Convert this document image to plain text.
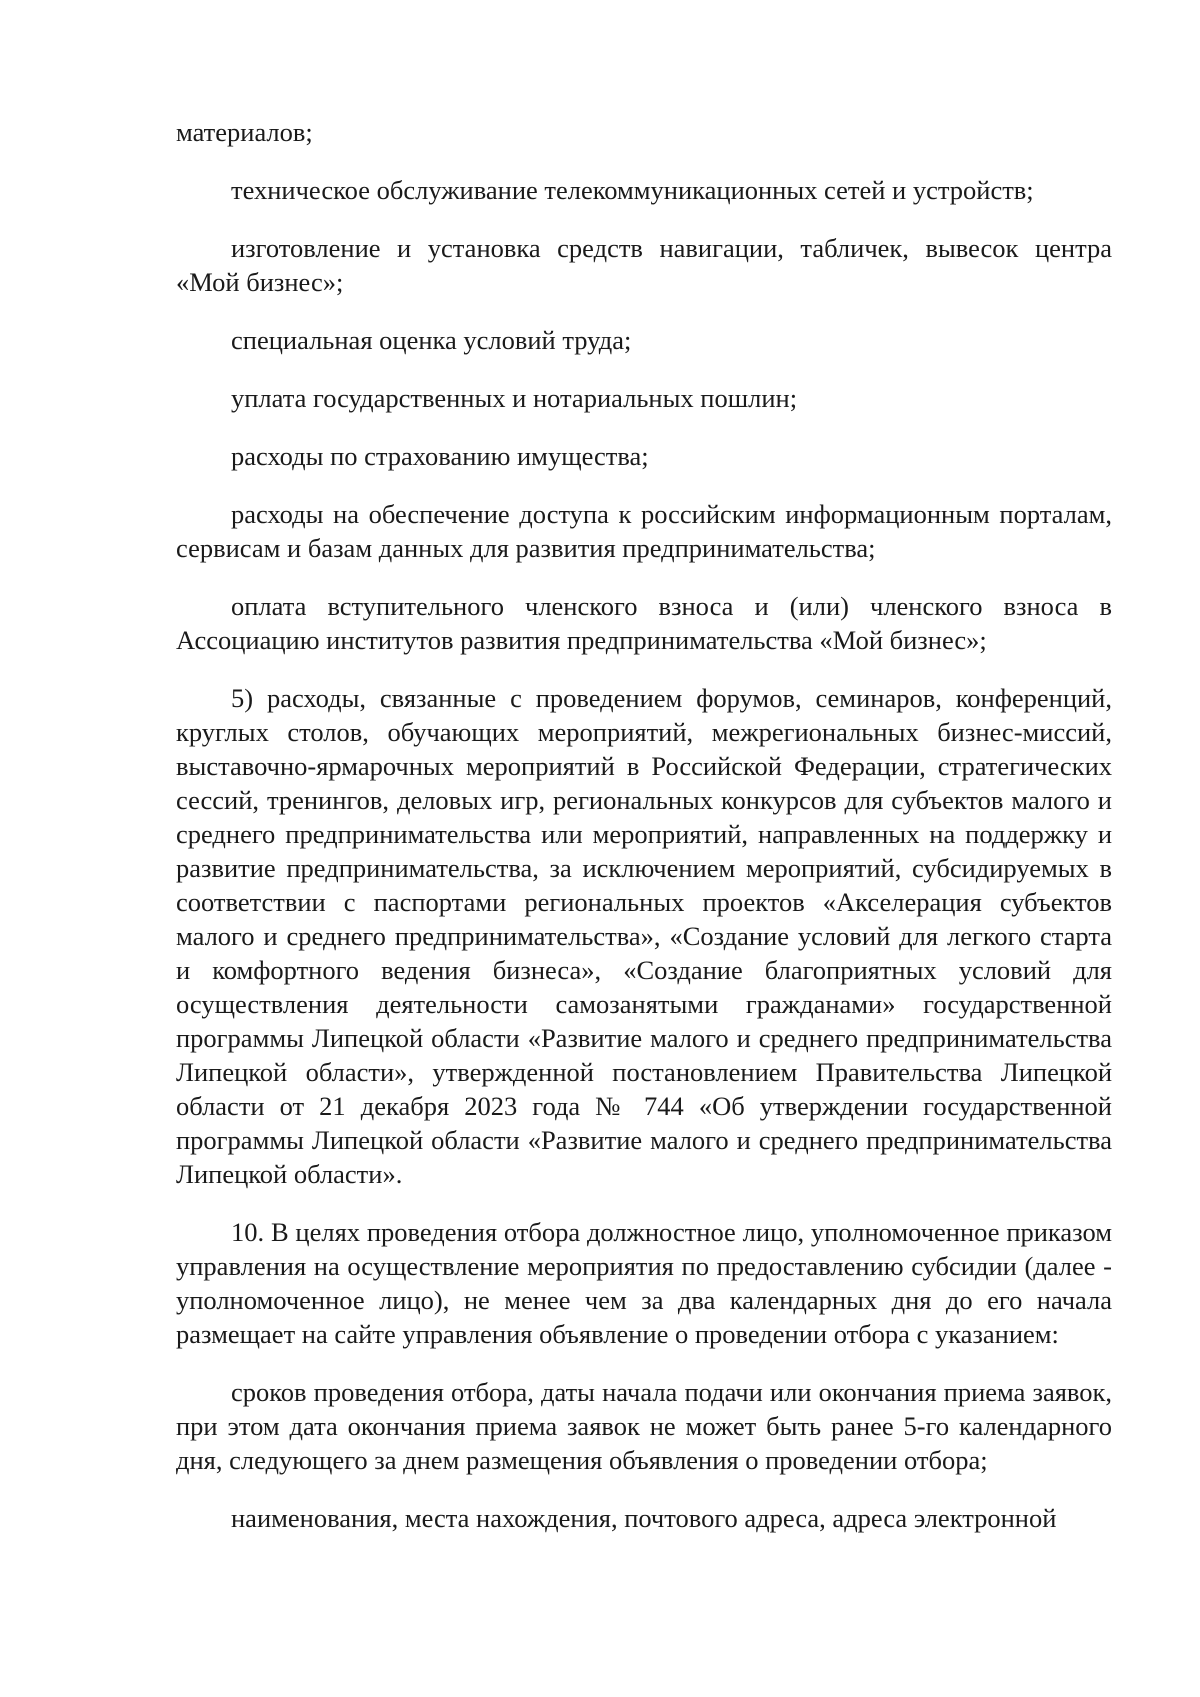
материалов;

техническое обслуживание телекоммуникационных сетей и устройств;

изготовление и установка средств навигации, табличек, вывесок центра «Мой бизнес»;

специальная оценка условий труда;

уплата государственных и нотариальных пошлин;

расходы по страхованию имущества;

расходы на обеспечение доступа к российским информационным порталам, сервисам и базам данных для развития предпринимательства;

оплата вступительного членского взноса и (или) членского взноса в Ассоциацию институтов развития предпринимательства «Мой бизнес»;

5) расходы, связанные с проведением форумов, семинаров, конференций, круглых столов, обучающих мероприятий, межрегиональных бизнес-миссий, выставочно-ярмарочных мероприятий в Российской Федерации, стратегических сессий, тренингов, деловых игр, региональных конкурсов для субъектов малого и среднего предпринимательства или мероприятий, направленных на поддержку и развитие предпринимательства, за исключением мероприятий, субсидируемых в соответствии с паспортами региональных проектов «Акселерация субъектов малого и среднего предпринимательства», «Создание условий для легкого старта и комфортного ведения бизнеса», «Создание благоприятных условий для осуществления деятельности самозанятыми гражданами» государственной программы Липецкой области «Развитие малого и среднего предпринимательства Липецкой области», утвержденной постановлением Правительства Липецкой области от 21 декабря 2023 года № 744 «Об утверждении государственной программы Липецкой области «Развитие малого и среднего предпринимательства Липецкой области».

10. В целях проведения отбора должностное лицо, уполномоченное приказом управления на осуществление мероприятия по предоставлению субсидии (далее - уполномоченное лицо), не менее чем за два календарных дня до его начала размещает на сайте управления объявление о проведении отбора с указанием:

сроков проведения отбора, даты начала подачи или окончания приема заявок, при этом дата окончания приема заявок не может быть ранее 5-го календарного дня, следующего за днем размещения объявления о проведении отбора;

наименования, места нахождения, почтового адреса, адреса электронной
